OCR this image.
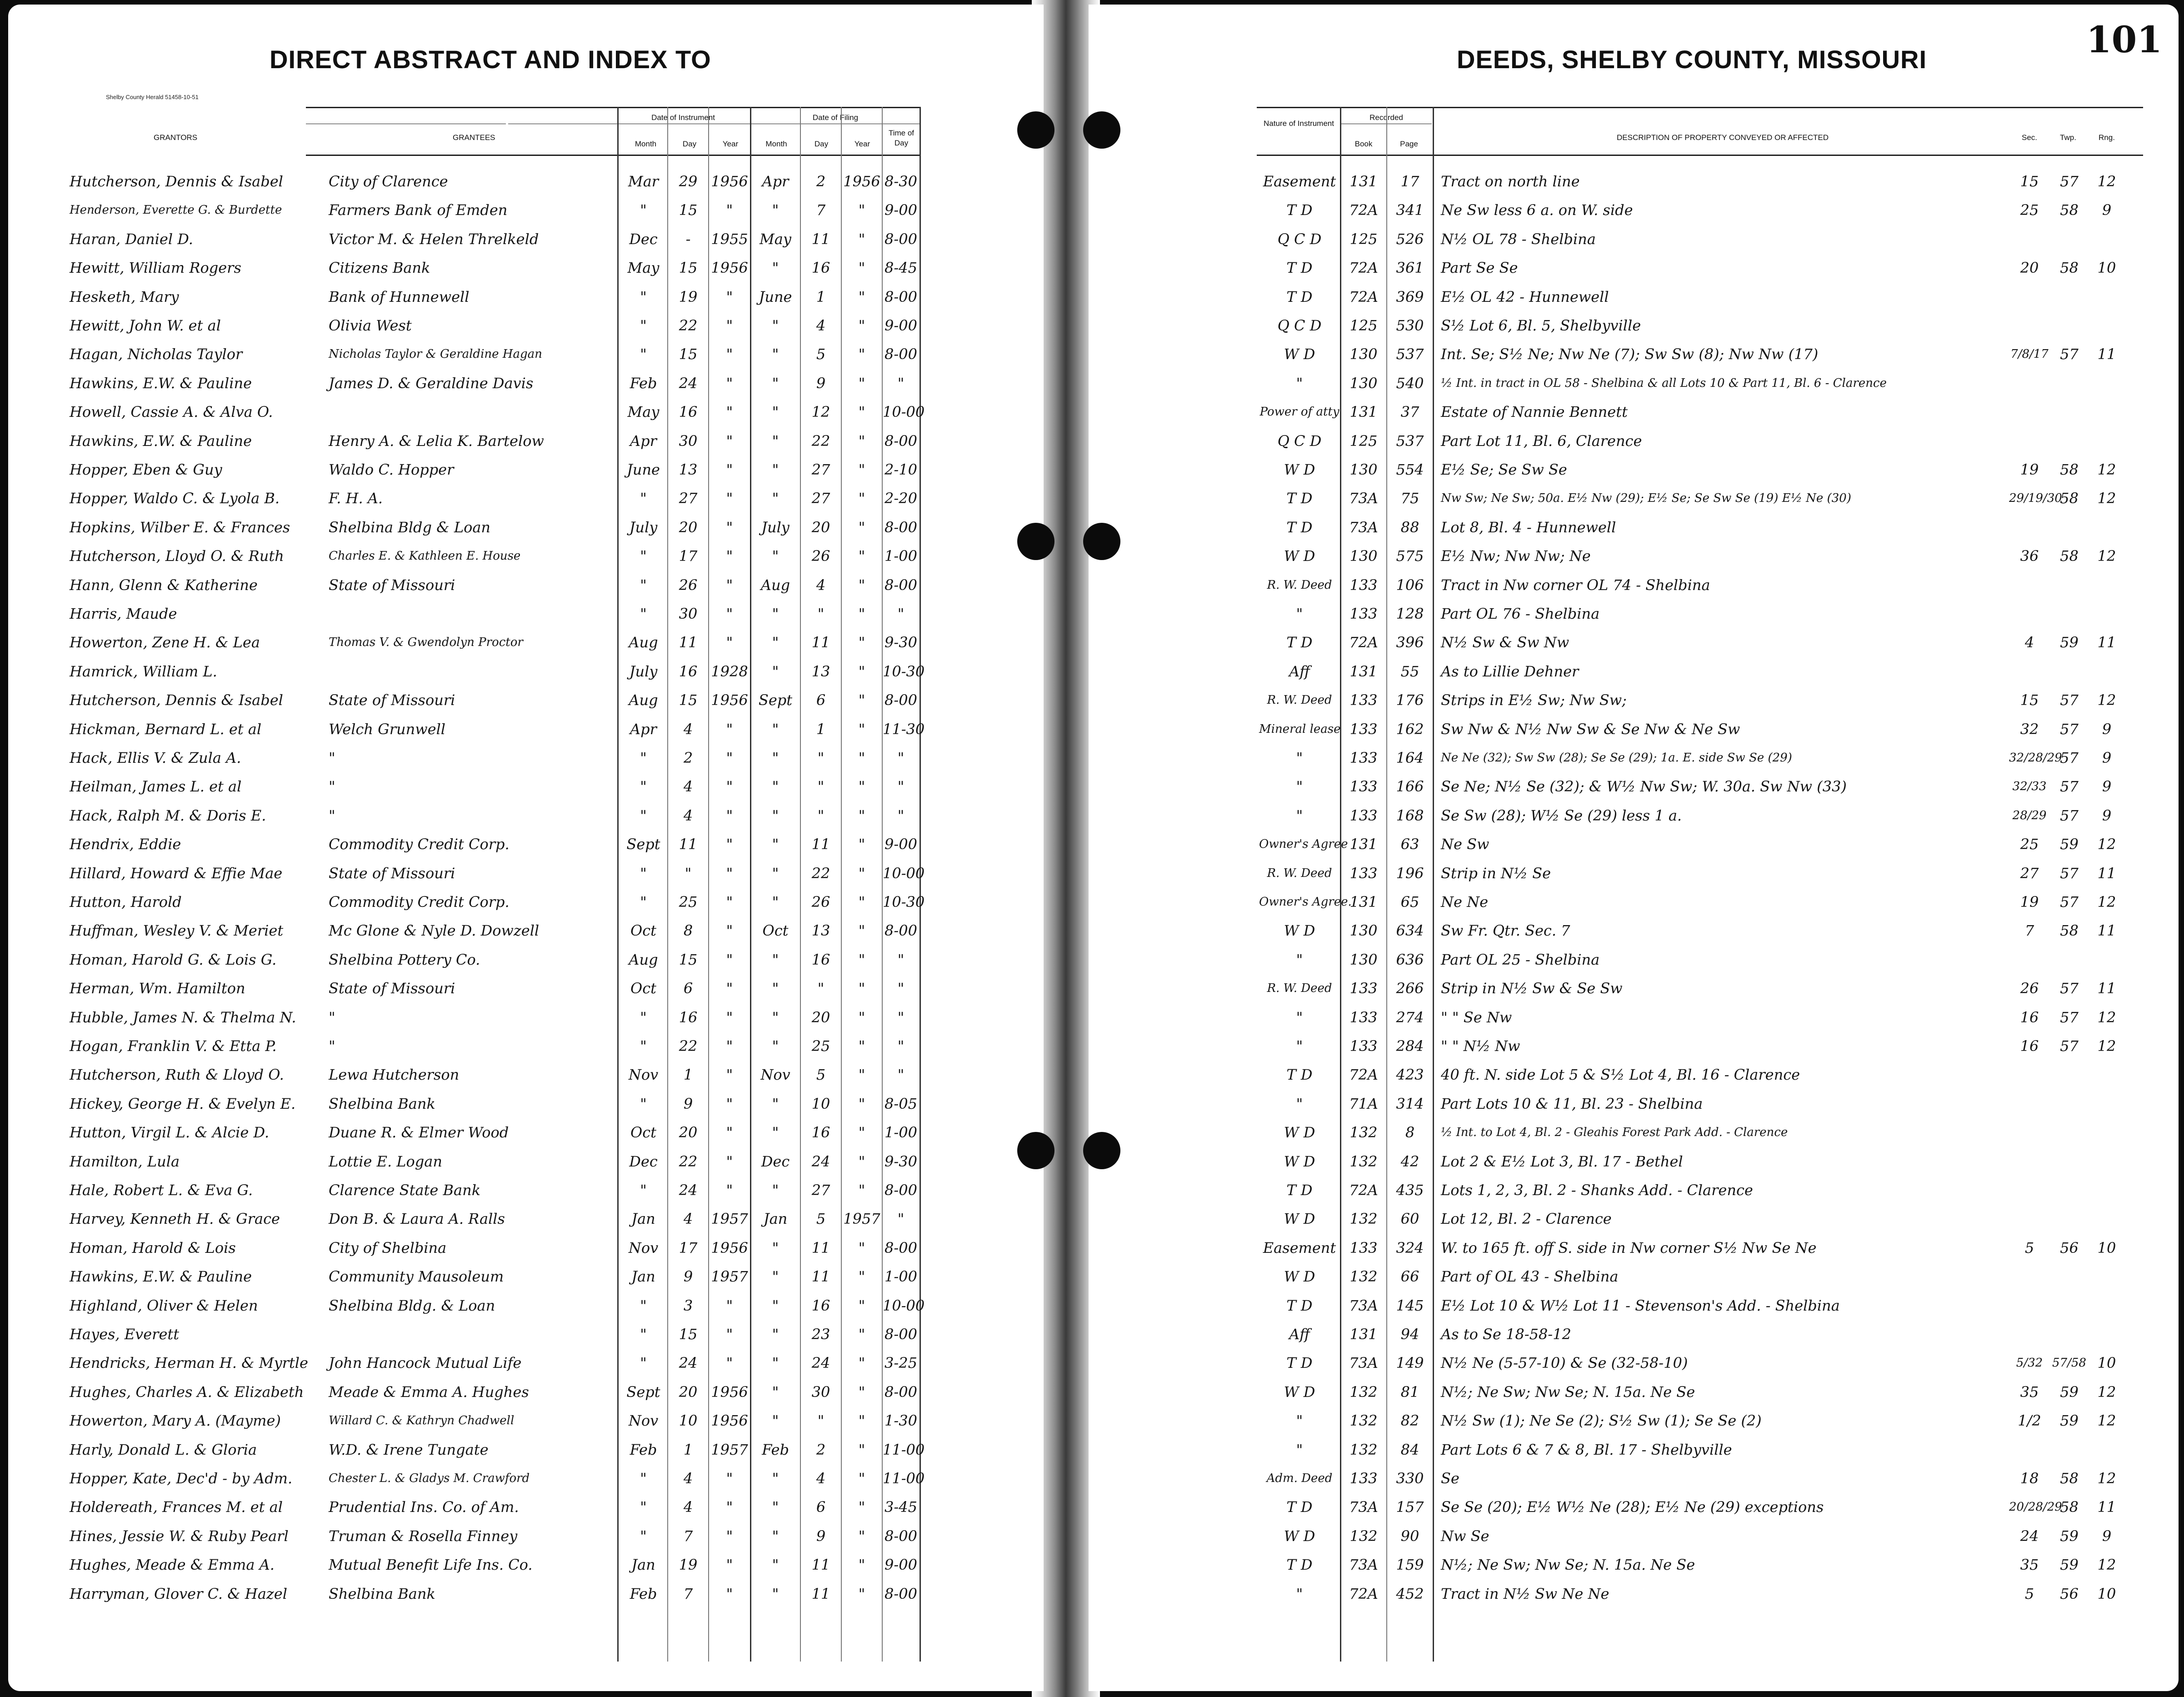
DIRECT ABSTRACT AND INDEX TO
Shelby County Herald 51458-10-51
GRANTORS	GRANTEES
Date of Instrument	Date of Filing
Month	Day	Year	Month	Day	Year
Time of Day
Hutcherson, Dennis & Isabel	City of Clarence	Mar	29 1956 Apr	2	1956 8-30
Henderson, Everette G. & Burdette	Farmers Bank of Emden	"	15	"	"	7	"	9-00
Haran, Daniel D.	Victor M. & Helen Threlkeld	Dec	-	1955 May	11	"	8-00
Hewitt, William Rogers	Citizens Bank	May	15 1956	"	16	"	8-45
Hesketh, Mary	Bank of Hunnewell	"	19	"	June	1	"	8-00
Hewitt, John W. et al	Olivia West	"	22	"	"	4	"	9-00
Hagan, Nicholas Taylor	Nicholas Taylor & Geraldine Hagan	"	15	"	"	5	"	8-00
Hawkins, E.W. & Pauline	James D. & Geraldine Davis	Feb	24	"	"	9	"	"
Howell, Cassie A. & Alva O.	May	16	"	"	12	"	10-00
Hawkins, E.W. & Pauline	Henry A. & Lelia K. Bartelow	Apr	30	"	"	22	"	8-00
Hopper, Eben & Guy	Waldo C. Hopper	June	13	"	"	27	"	2-10
Hopper, Waldo C. & Lyola B.	F. H. A.	"	27	"	"	27	"	2-20
Hopkins, Wilber E. & Frances	Shelbina Bldg & Loan	July	20	"	July	20	"	8-00
Hutcherson, Lloyd O. & Ruth	Charles E. & Kathleen E. House	"	17	"	"	26	"	1-00
Hann, Glenn & Katherine	State of Missouri	"	26	"	Aug	4	"	8-00
Harris, Maude	"	30	"	"	"	"	"
Howerton, Zene H. & Lea	Thomas V. & Gwendolyn Proctor	Aug	11	"	"	11	"	9-30
Hamrick, William L.	July	16 1928	"	13	"	10-30
Hutcherson, Dennis & Isabel	State of Missouri	Aug	15 1956 Sept	6	"	8-00
Hickman, Bernard L. et al	Welch Grunwell	Apr	4	"	"	1	"	11-30
Hack, Ellis V. & Zula A.	"	"	2	"	"	"	"	"
Heilman, James L. et al	"	"	4	"	"	"	"	"
Hack, Ralph M. & Doris E.	"	"	4	"	"	"	"	"
Hendrix, Eddie	Commodity Credit Corp.	Sept	11	"	"	11	"	9-00
Hillard, Howard & Effie Mae	State of Missouri	"	"	"	"	22	"	10-00
Hutton, Harold	Commodity Credit Corp.	"	25	"	"	26	"	10-30
Huffman, Wesley V. & Meriet	Mc Glone & Nyle D. Dowzell	Oct	8	"	Oct	13	"	8-00
Homan, Harold G. & Lois G.	Shelbina Pottery Co.	Aug	15	"	"	16	"	"
Herman, Wm. Hamilton	State of Missouri	Oct	6	"	"	"	"	"
Hubble, James N. & Thelma N.	"	"	16	"	"	20	"	"
Hogan, Franklin V. & Etta P.	"	"	22	"	"	25	"	"
Hutcherson, Ruth & Lloyd O.	Lewa Hutcherson	Nov	1	"	Nov	5	"	"
Hickey, George H. & Evelyn E.	Shelbina Bank	"	9	"	"	10	"	8-05
Hutton, Virgil L. & Alcie D.	Duane R. & Elmer Wood	Oct	20	"	"	16	"	1-00
Hamilton, Lula	Lottie E. Logan	Dec	22	"	Dec	24	"	9-30
Hale, Robert L. & Eva G.	Clarence State Bank	"	24	"	"	27	"	8-00
Harvey, Kenneth H. & Grace	Don B. & Laura A. Ralls	Jan	4	1957	Jan	5	1957	"
Homan, Harold & Lois	City of Shelbina	Nov	17 1956	"	11	"	8-00
Hawkins, E.W. & Pauline	Community Mausoleum	Jan	9	1957	"	11	"	1-00
Highland, Oliver & Helen	Shelbina Bldg. & Loan	"	3	"	"	16	"	10-00
Hayes, Everett	"	15	"	"	23	"	8-00
Hendricks, Herman H. & Myrtle	John Hancock Mutual Life	"	24	"	"	24	"	3-25
Hughes, Charles A. & Elizabeth	Meade & Emma A. Hughes	Sept	20 1956	"	30	"	8-00
Howerton, Mary A. (Mayme)	Willard C. & Kathryn Chadwell	Nov	10 1956	"	"	"	1-30
Harly, Donald L. & Gloria	W.D. & Irene Tungate	Feb	1	1957 Feb	2	"	11-00
Hopper, Kate, Dec'd - by Adm.	Chester L. & Gladys M. Crawford	"	4	"	"	4	"	11-00
Holdereath, Frances M. et al	Prudential Ins. Co. of Am.	"	4	"	"	6	"	3-45
Hines, Jessie W. & Ruby Pearl	Truman & Rosella Finney	"	7	"	"	9	"	8-00
Hughes, Meade & Emma A.	Mutual Benefit Life Ins. Co.	Jan	19	"	"	11	"	9-00
Harryman, Glover C. & Hazel	Shelbina Bank	Feb	7	"	"	11	"	8-00
DEEDS, SHELBY COUNTY, MISSOURI	101
Nature of Instrument
Recorded
Book	Page
DESCRIPTION OF PROPERTY CONVEYED OR AFFECTED	Sec.	Twp.	Rng.
Easement 131	17	Tract on north line	15	57	12
T D	72A	341	Ne Sw less 6 a. on W. side	25	58	9
Q C D	125	526	N½ OL 78 - Shelbina
T D	72A	361	Part Se Se	20	58	10
T D	72A	369	E½ OL 42 - Hunnewell
Q C D	125	530	S½ Lot 6, Bl. 5, Shelbyville
W D	130	537	Int. Se; S½ Ne; Nw Ne (7); Sw Sw (8); Nw Nw (17)	7/8/17 57	11
"	130	540	½ Int. in tract in OL 58 - Shelbina & all Lots 10 & Part 11, Bl. 6 - Clarence
Power of atty 131	37	Estate of Nannie Bennett
Q C D	125	537	Part Lot 11, Bl. 6, Clarence
W D	130	554	E½ Se; Se Sw Se	19	58	12
T D	73A	75	Nw Sw; Ne Sw; 50a. E½ Nw (29); E½ Se; Se Sw Se (19) E½ Ne (30)	29/19/30
58	12
T D	73A	88	Lot 8, Bl. 4 - Hunnewell
W D	130	575	E½ Nw; Nw Nw; Ne	36	58	12
R. W. Deed	133	106	Tract in Nw corner OL 74 - Shelbina
"	133	128	Part OL 76 - Shelbina
T D	72A	396	N½ Sw & Sw Nw	4	59	11
Aff	131	55	As to Lillie Dehner
R. W. Deed	133	176	Strips in E½ Sw; Nw Sw;	15	57	12
Mineral lease 133	162	Sw Nw & N½ Nw Sw & Se Nw & Ne Sw	32	57	9
"	133	164	Ne Ne (32); Sw Sw (28); Se Se (29); 1a. E. side Sw Se (29)	32/28/29
57	9
"	133	166	Se Ne; N½ Se (32); & W½ Nw Sw; W. 30a. Sw Nw (33)	32/33 57	9
"	133	168	Se Sw (28); W½ Se (29) less 1 a.	28/29 57	9
Owner's Agree 131	63	Ne Sw	25	59	12
R. W. Deed	133	196	Strip in N½ Se	27	57	11
Owner's Agree.
131	65	Ne Ne	19	57	12
W D	130	634	Sw Fr. Qtr. Sec. 7	7	58	11
"	130	636	Part OL 25 - Shelbina
R. W. Deed	133	266	Strip in N½ Sw & Se Sw	26	57	11
"	133	274	" " Se Nw	16	57	12
"	133	284	" " N½ Nw	16	57	12
T D	72A	423	40 ft. N. side Lot 5 & S½ Lot 4, Bl. 16 - Clarence
"	71A	314	Part Lots 10 & 11, Bl. 23 - Shelbina
W D	132	8	½ Int. to Lot 4, Bl. 2 - Gleahis Forest Park Add. - Clarence
W D	132	42	Lot 2 & E½ Lot 3, Bl. 17 - Bethel
T D	72A	435	Lots 1, 2, 3, Bl. 2 - Shanks Add. - Clarence
W D	132	60	Lot 12, Bl. 2 - Clarence
Easement 133	324	W. to 165 ft. off S. side in Nw corner S½ Nw Se Ne	5	56	10
W D	132	66	Part of OL 43 - Shelbina
T D	73A	145	E½ Lot 10 & W½ Lot 11 - Stevenson's Add. - Shelbina
Aff	131	94	As to Se 18-58-12
T D	73A	149	N½ Ne (5-57-10) & Se (32-58-10)	5/32 57/58 10
W D	132	81	N½; Ne Sw; Nw Se; N. 15a. Ne Se	35	59	12
"	132	82	N½ Sw (1); Ne Se (2); S½ Sw (1); Se Se (2)	1/2	59	12
"	132	84	Part Lots 6 & 7 & 8, Bl. 17 - Shelbyville
Adm. Deed	133	330	Se	18	58	12
T D	73A	157	Se Se (20); E½ W½ Ne (28); E½ Ne (29) exceptions	20/28/29
58	11
W D	132	90	Nw Se	24	59	9
T D	73A	159	N½; Ne Sw; Nw Se; N. 15a. Ne Se	35	59	12
"	72A	452	Tract in N½ Sw Ne Ne	5	56	10
